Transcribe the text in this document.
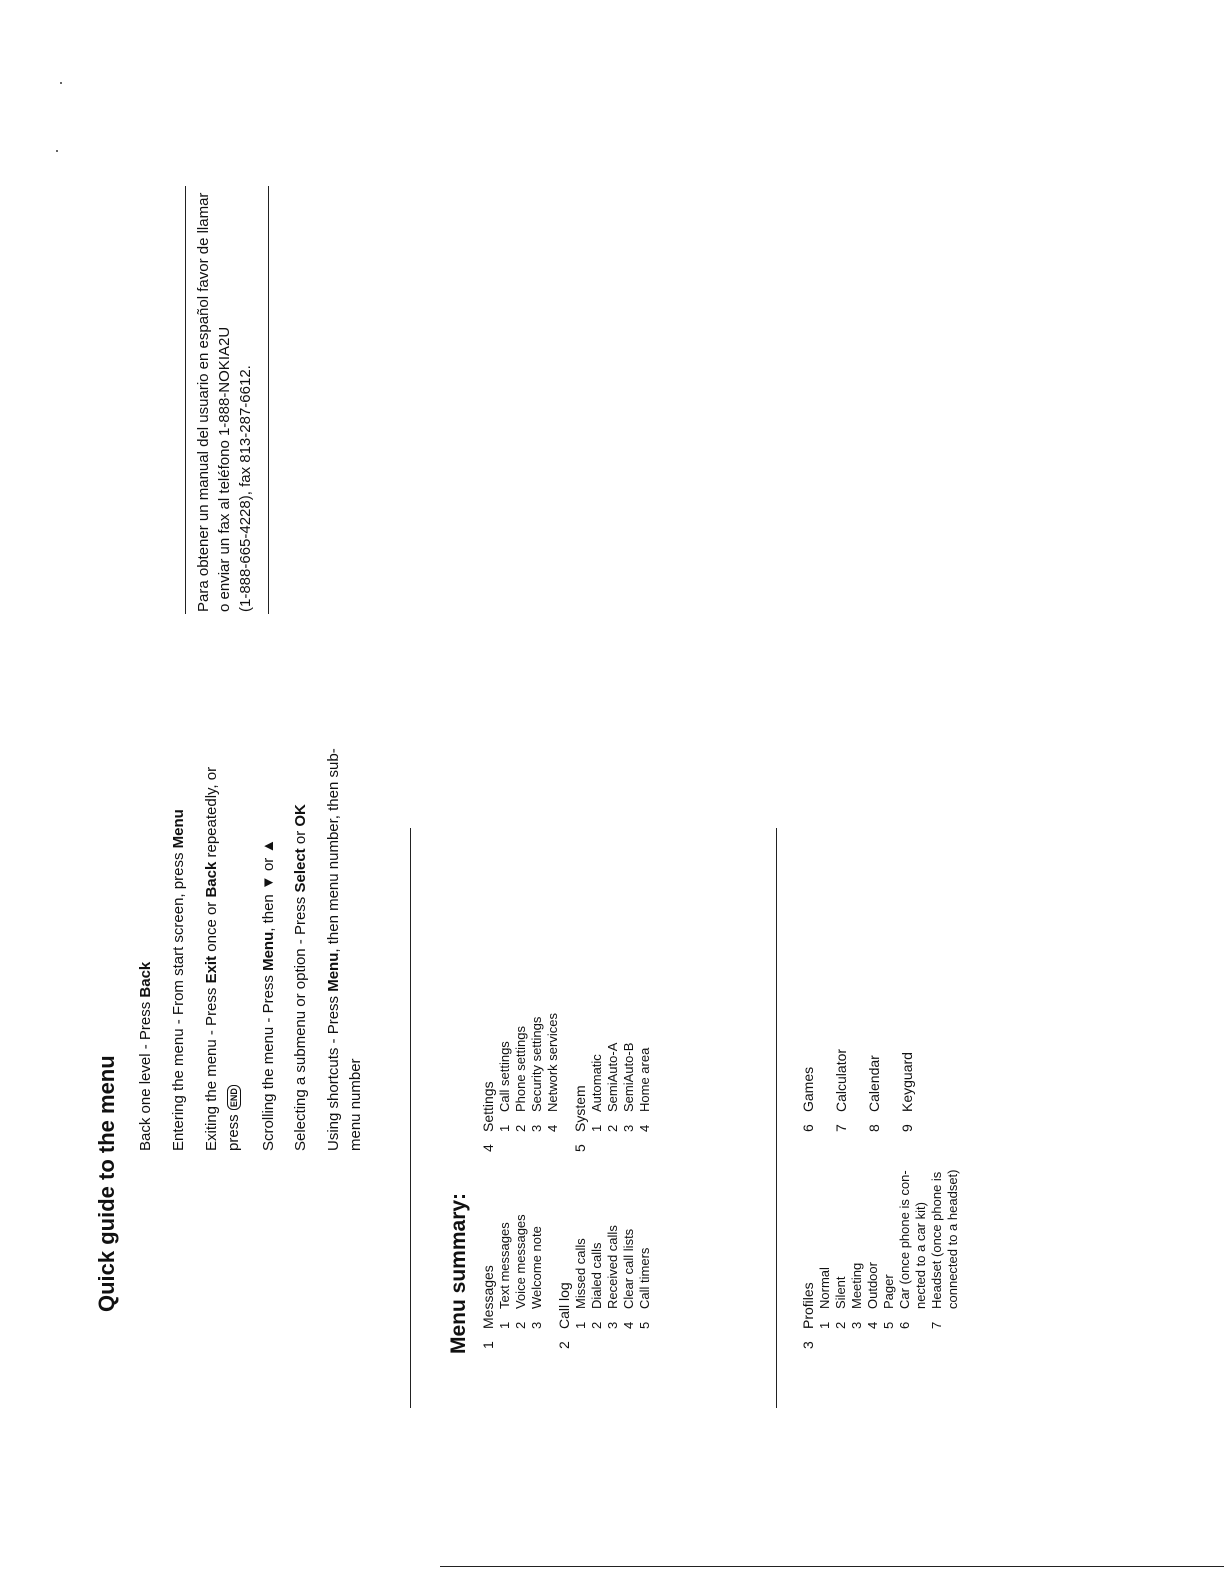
Quick guide to the menu Back one level - Press Back Entering the menu - From start screen, press Menu
Exiting the menu - Press Exit once or Back repeatedly, or
press END Scrolling the menu - Press Menu, then ▼ or ▲
Selecting a submenu or option - Press Select or OK
Using shortcuts - Press Menu, then menu number, then sub-
menu number
Para obtener un manual del usuario en español favor de llamar o enviar un fax al teléfono 1-888-NOKIA2U (1-888-665-4228), fax 813-287-6612.
Menu summary: 1Messages 1Text messages
2Voice messages
3Welcome note
2Call log 1Missed calls
2Dialed calls
3Received calls
4Clear call lists
5Call timers
4Settings 1Call settings
2Phone settings
3Security settings
4Network services
5System 1Automatic
2SemiAuto-A
3SemiAuto-B
4Home area
3Profiles 1Normal
2Silent
3Meeting
4Outdoor
5Pager
6Car (once phone is con- nected to a car kit)
7Headset (once phone is connected to a headset)
6Games
7Calculator
8Calendar
9Keyguard
